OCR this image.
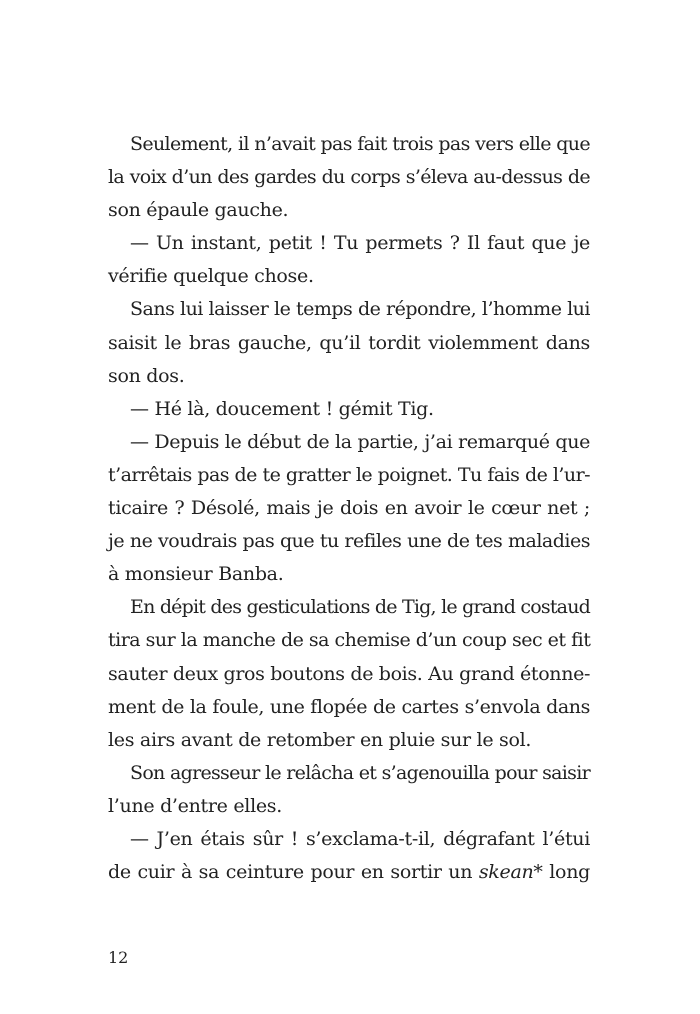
Seulement, il n’avait pas fait trois pas vers elle que
la voix d’un des gardes du corps s’éleva au-dessus de
son épaule gauche.
— Un instant, petit ! Tu permets ? Il faut que je
vérifie quelque chose.
Sans lui laisser le temps de répondre, l’homme lui
saisit le bras gauche, qu’il tordit violemment dans
son dos.
— Hé là, doucement ! gémit Tig.
— Depuis le début de la partie, j’ai remarqué que
t’arrêtais pas de te gratter le poignet. Tu fais de l’ur-
ticaire ? Désolé, mais je dois en avoir le cœur net ;
je ne voudrais pas que tu refiles une de tes maladies
à monsieur Banba.
En dépit des gesticulations de Tig, le grand costaud
tira sur la manche de sa chemise d’un coup sec et fit
sauter deux gros boutons de bois. Au grand étonne-
ment de la foule, une flopée de cartes s’envola dans
les airs avant de retomber en pluie sur le sol.
Son agresseur le relâcha et s’agenouilla pour saisir
l’une d’entre elles.
— J’en étais sûr ! s’exclama-t-il, dégrafant l’étui
de cuir à sa ceinture pour en sortir un skean* long
12
